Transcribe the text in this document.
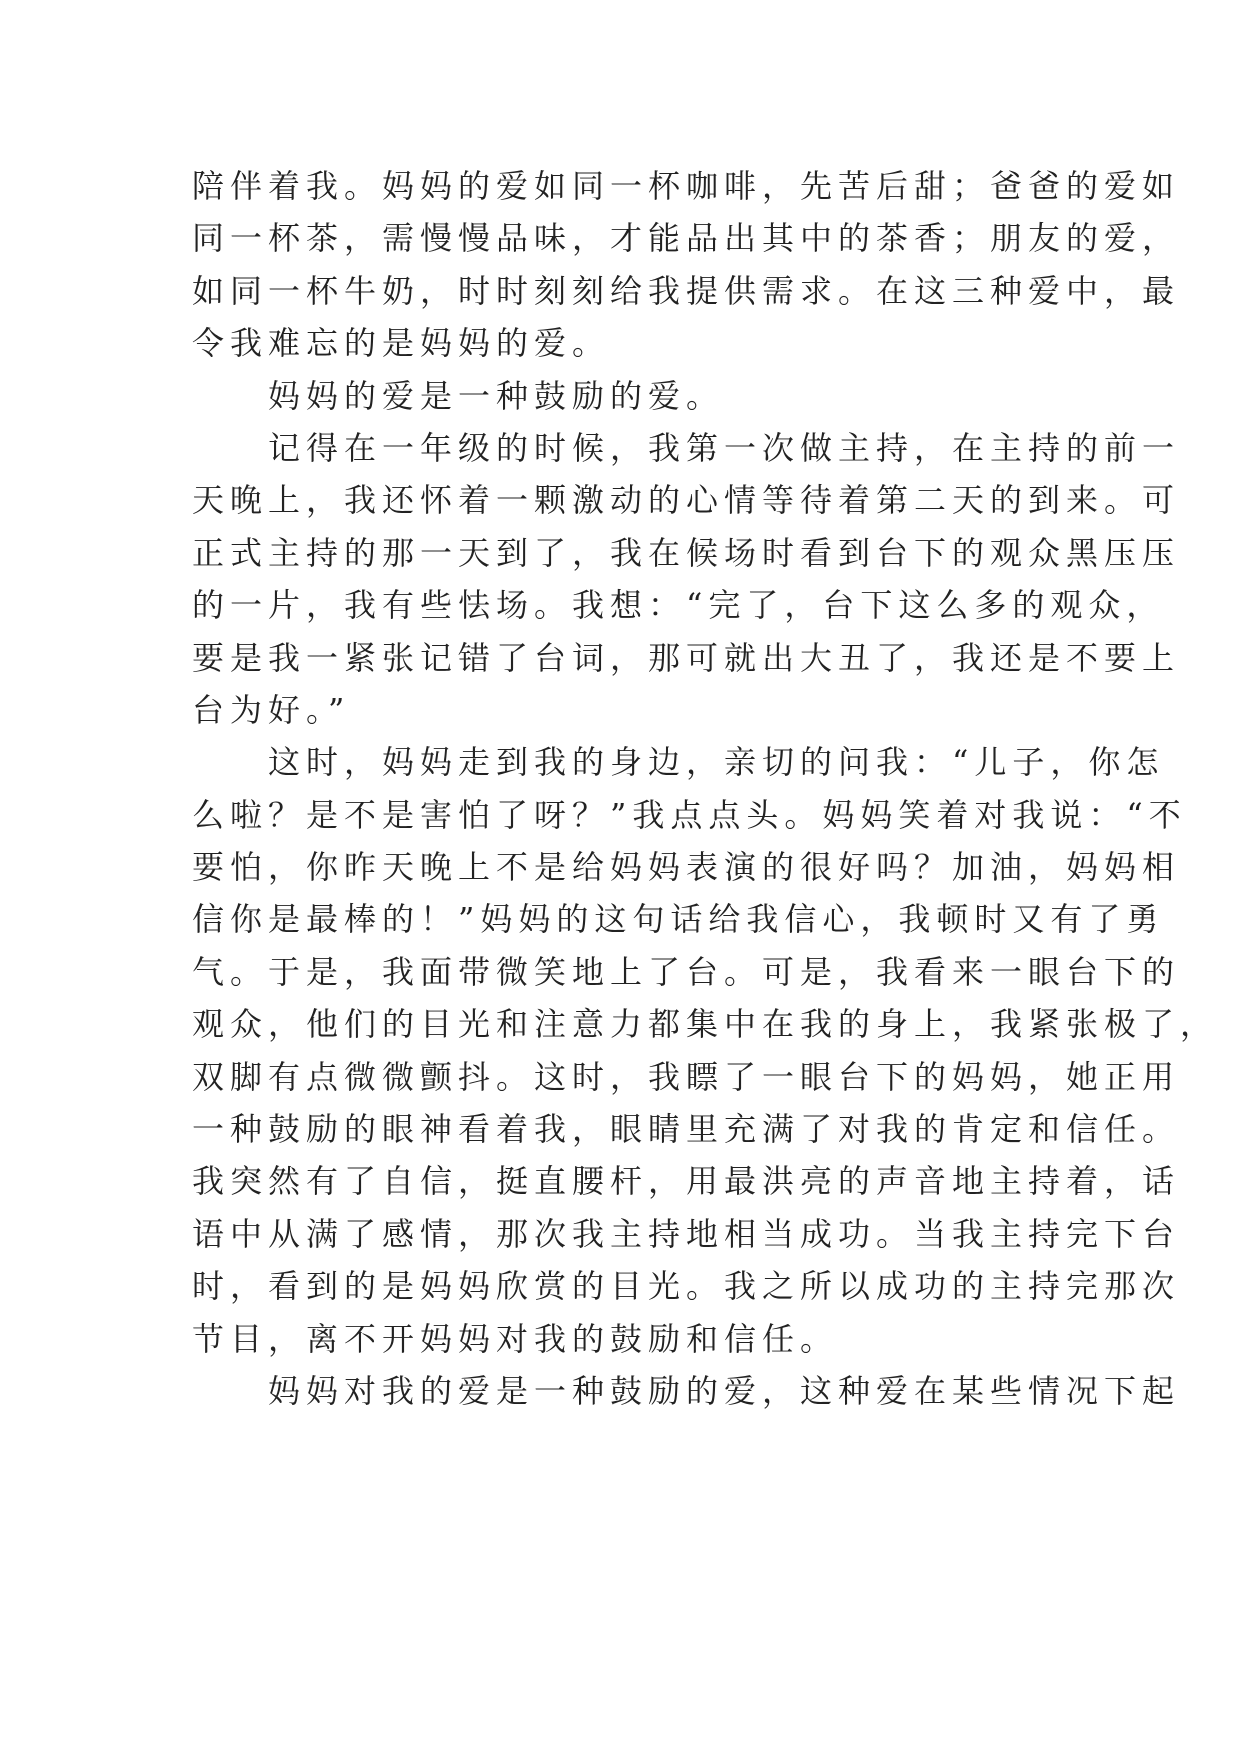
陪伴着我。妈妈的爱如同一杯咖啡，先苦后甜；爸爸的爱如
同一杯茶，需慢慢品味，才能品出其中的茶香；朋友的爱，
如同一杯牛奶，时时刻刻给我提供需求。在这三种爱中，最
令我难忘的是妈妈的爱。
　　妈妈的爱是一种鼓励的爱。
　　记得在一年级的时候，我第一次做主持，在主持的前一
天晚上，我还怀着一颗激动的心情等待着第二天的到来。可
正式主持的那一天到了，我在候场时看到台下的观众黑压压
的一片，我有些怯场。我想：“完了，台下这么多的观众，
要是我一紧张记错了台词，那可就出大丑了，我还是不要上
台为好。”
　　这时，妈妈走到我的身边，亲切的问我：“儿子，你怎
么啦？是不是害怕了呀？”我点点头。妈妈笑着对我说：“不
要怕，你昨天晚上不是给妈妈表演的很好吗？加油，妈妈相
信你是最棒的！”妈妈的这句话给我信心，我顿时又有了勇
气。于是，我面带微笑地上了台。可是，我看来一眼台下的
观众，他们的目光和注意力都集中在我的身上，我紧张极了，
双脚有点微微颤抖。这时，我瞟了一眼台下的妈妈，她正用
一种鼓励的眼神看着我，眼睛里充满了对我的肯定和信任。
我突然有了自信，挺直腰杆，用最洪亮的声音地主持着，话
语中从满了感情，那次我主持地相当成功。当我主持完下台
时，看到的是妈妈欣赏的目光。我之所以成功的主持完那次
节目，离不开妈妈对我的鼓励和信任。
　　妈妈对我的爱是一种鼓励的爱，这种爱在某些情况下起
